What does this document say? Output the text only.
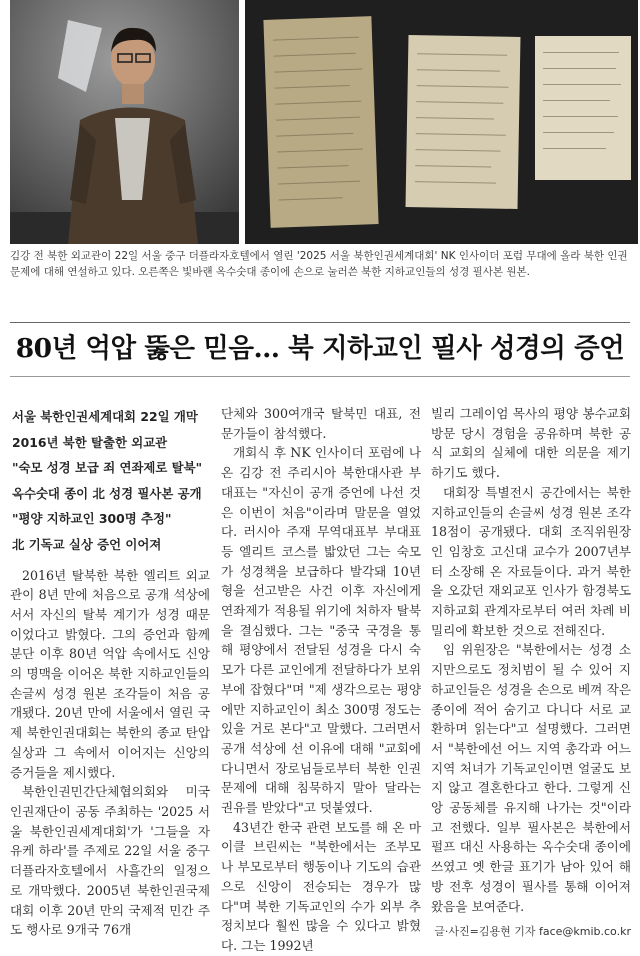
김강 전 북한 외교관이 22일 서울 중구 더플라자호텔에서 열린 '2025 서울 북한인권세계대회' NK 인사이더 포럼 무대에 올라 북한 인권문제에 대해 연설하고 있다. 오른쪽은 빛바랜 옥수숫대 종이에 손으로 눌러쓴 북한 지하교인들의 성경 필사본 원본.
80년 억압 뚫은 믿음… 북 지하교인 필사 성경의 증언
서울 북한인권세계대회 22일 개막
2016년 북한 탈출한 외교관
"숙모 성경 보급 죄 연좌제로 탈북"
옥수숫대 종이 北 성경 필사본 공개
"평양 지하교인 300명 추정"
北 기독교 실상 증언 이어져

2016년 탈북한 북한 엘리트 외교관이 8년 만에 처음으로 공개 석상에 서서 자신의 탈북 계기가 성경 때문이었다고 밝혔다. 그의 증언과 함께 분단 이후 80년 억압 속에서도 신앙의 명맥을 이어온 북한 지하교인들의 손글씨 성경 원본 조각들이 처음 공개됐다. 20년 만에 서울에서 열린 국제 북한인권대회는 북한의 종교 탄압 실상과 그 속에서 이어지는 신앙의 증거들을 제시했다.

북한인권민간단체협의회와 미국 인권재단이 공동 주최하는 '2025 서울 북한인권세계대회'가 '그들을 자유케 하라'를 주제로 22일 서울 중구 더플라자호텔에서 사흘간의 일정으로 개막했다. 2005년 북한인권국제대회 이후 20년 만의 국제적 민간 주도 행사로 9개국 76개

단체와 300여개국 탈북민 대표, 전문가들이 참석했다.

개회식 후 NK 인사이더 포럼에 나온 김강 전 주리시아 북한대사관 부대표는 "자신이 공개 증언에 나선 것은 이번이 처음"이라며 말문을 열었다. 러시아 주재 무역대표부 부대표 등 엘리트 코스를 밟았던 그는 숙모가 성경책을 보급하다 발각돼 10년 형을 선고받은 사건 이후 자신에게 연좌제가 적용될 위기에 처하자 탈북을 결심했다. 그는 "중국 국경을 통해 평양에서 전달된 성경을 다시 숙모가 다른 교인에게 전달하다가 보위부에 잡혔다"며 "제 생각으로는 평양에만 지하교인이 최소 300명 정도는 있을 거로 본다"고 말했다. 그러면서 공개 석상에 선 이유에 대해 "교회에 다니면서 장로님들로부터 북한 인권문제에 대해 침묵하지 말아 달라는 권유를 받았다"고 덧붙였다.

43년간 한국 관련 보도를 해 온 마이클 브린씨는 "북한에서는 조부모나 부모로부터 행동이나 기도의 습관으로 신앙이 전승되는 경우가 많다"며 북한 기독교인의 수가 외부 추정치보다 훨씬 많을 수 있다고 밝혔다. 그는 1992년

빌리 그레이엄 목사의 평양 봉수교회 방문 당시 경험을 공유하며 북한 공식 교회의 실체에 대한 의문을 제기하기도 했다.

대회장 특별전시 공간에서는 북한 지하교인들의 손글씨 성경 원본 조각 18점이 공개됐다. 대회 조직위원장인 임창호 고신대 교수가 2007년부터 소장해 온 자료들이다. 과거 북한을 오갔던 재외교포 인사가 함경북도 지하교회 관계자로부터 여러 차례 비밀리에 확보한 것으로 전해진다.

임 위원장은 "북한에서는 성경 소지만으로도 정치범이 될 수 있어 지하교인들은 성경을 손으로 베껴 작은 종이에 적어 숨기고 다니다 서로 교환하며 읽는다"고 설명했다. 그러면서 "북한에선 어느 지역 총각과 어느 지역 처녀가 기독교인이면 얼굴도 보지 않고 결혼한다고 한다. 그렇게 신앙 공동체를 유지해 나가는 것"이라고 전했다. 일부 필사본은 북한에서 펄프 대신 사용하는 옥수숫대 종이에 쓰였고 옛 한글 표기가 남아 있어 해방 전후 성경이 필사를 통해 이어져 왔음을 보여준다.

글·사진=김용현 기자 face@kmib.co.kr
